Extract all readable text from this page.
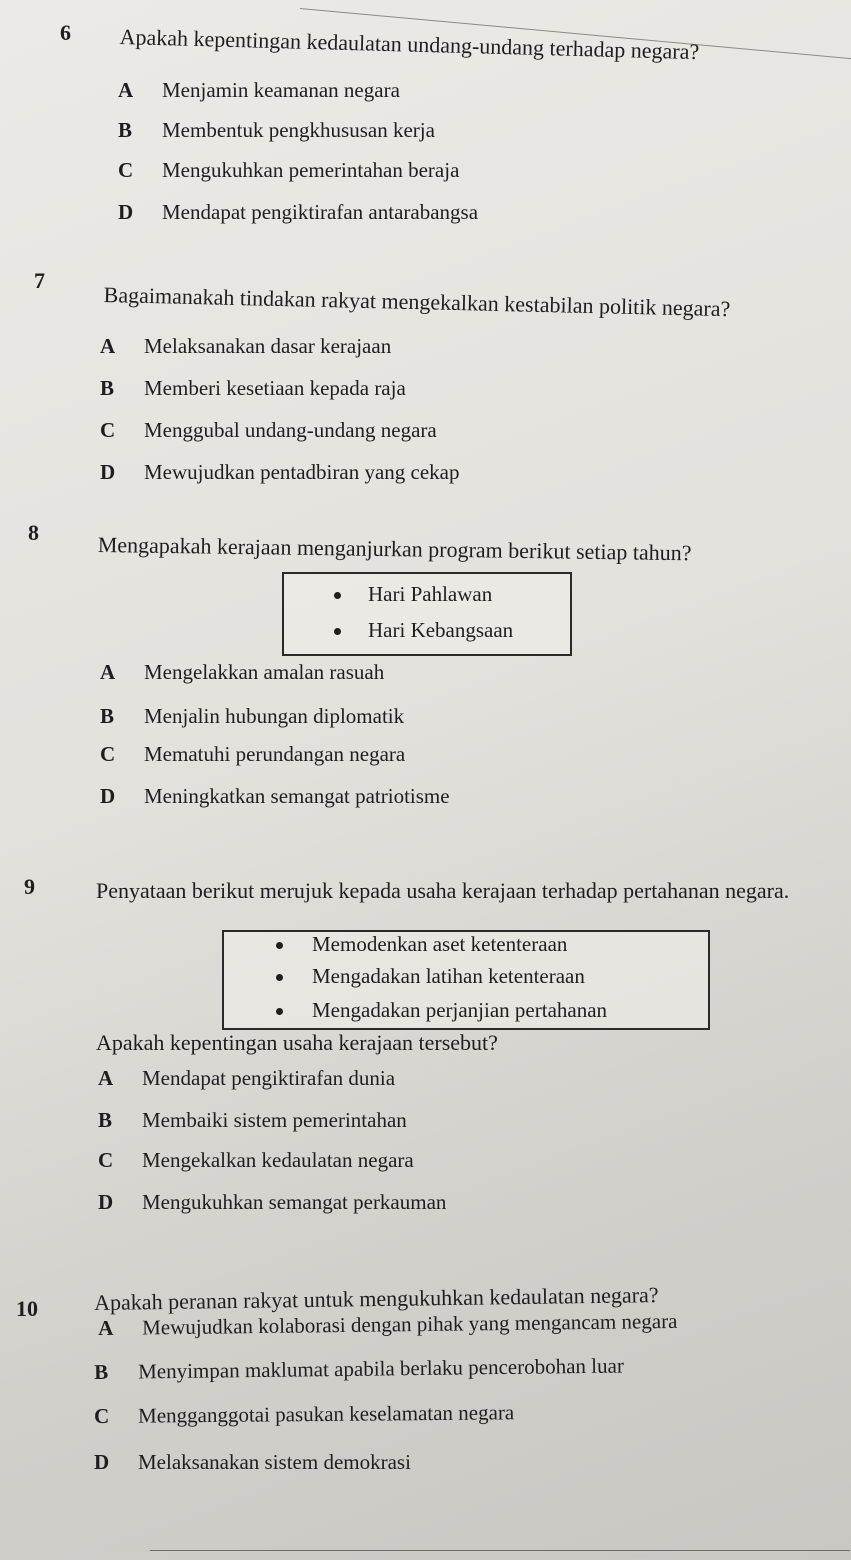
6 Apakah kepentingan kedaulatan undang-undang terhadap negara?
A Menjamin keamanan negara
B Membentuk pengkhususan kerja
C Mengukuhkan pemerintahan beraja
D Mendapat pengiktirafan antarabangsa
7
Bagaimanakah tindakan rakyat mengekalkan kestabilan politik negara?
A Melaksanakan dasar kerajaan
B Memberi kesetiaan kepada raja
C Menggubal undang-undang negara
D Mewujudkan pentadbiran yang cekap
8	Mengapakah kerajaan menganjurkan program berikut setiap tahun?
Hari Pahlawan
Hari Kebangsaan
A Mengelakkan amalan rasuah
B Menjalin hubungan diplomatik
C Mematuhi perundangan negara
D Meningkatkan semangat patriotisme
9	Penyataan berikut merujuk kepada usaha kerajaan terhadap pertahanan negara.
Memodenkan aset ketenteraan
Mengadakan latihan ketenteraan
Mengadakan perjanjian pertahanan
Apakah kepentingan usaha kerajaan tersebut?
A Mendapat pengiktirafan dunia
B Membaiki sistem pemerintahan
C Mengekalkan kedaulatan negara
D Mengukuhkan semangat perkauman
10	Apakah peranan rakyat untuk mengukuhkan kedaulatan negara?
A Mewujudkan kolaborasi dengan pihak yang mengancam negara
B Menyimpan maklumat apabila berlaku pencerobohan luar
C Mengganggotai pasukan keselamatan negara
D Melaksanakan sistem demokrasi
